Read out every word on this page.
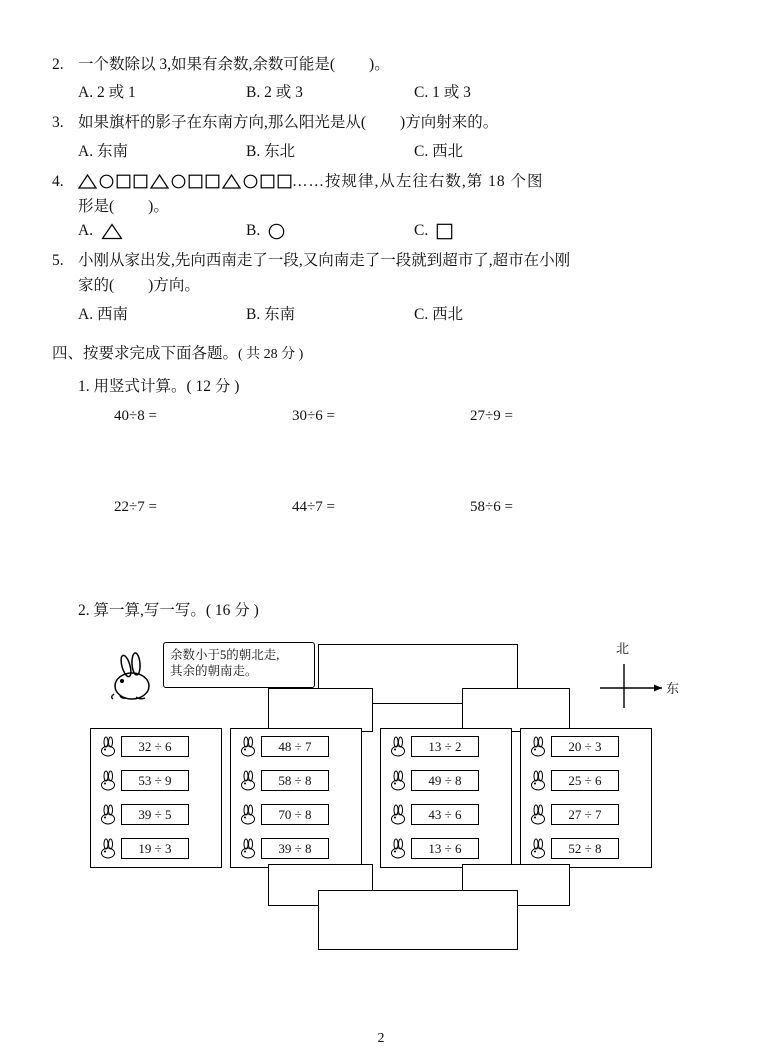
2. 一个数除以 3,如果有余数,余数可能是( )。
A. 2 或 1	B. 2 或 3	C. 1 或 3
3. 如果旗杆的影子在东南方向,那么阳光是从( )方向射来的。
A. 东南	B. 东北	C. 西北
4.	……按规律,从左往右数,第 18 个图
形是( )。
A.	B.	C.
5. 小刚从家出发,先向西南走了一段,又向南走了一段就到超市了,超市在小刚
家的( )方向。
A. 西南	B. 东南	C. 西北
四、按要求完成下面各题。( 共 28 分 )
1. 用竖式计算。( 12 分 )
40÷8 =	30÷6 =	27÷9 =
22÷7 =	44÷7 =	58÷6 =
2. 算一算,写一写。( 16 分 )
余数小于5的朝北走,
其余的朝南走。
北
东
32 ÷ 6
53 ÷ 9
39 ÷ 5
19 ÷ 3
48 ÷ 7
58 ÷ 8
70 ÷ 8
39 ÷ 8
13 ÷ 2
49 ÷ 8
43 ÷ 6
13 ÷ 6
20 ÷ 3
25 ÷ 6
27 ÷ 7
52 ÷ 8
2
